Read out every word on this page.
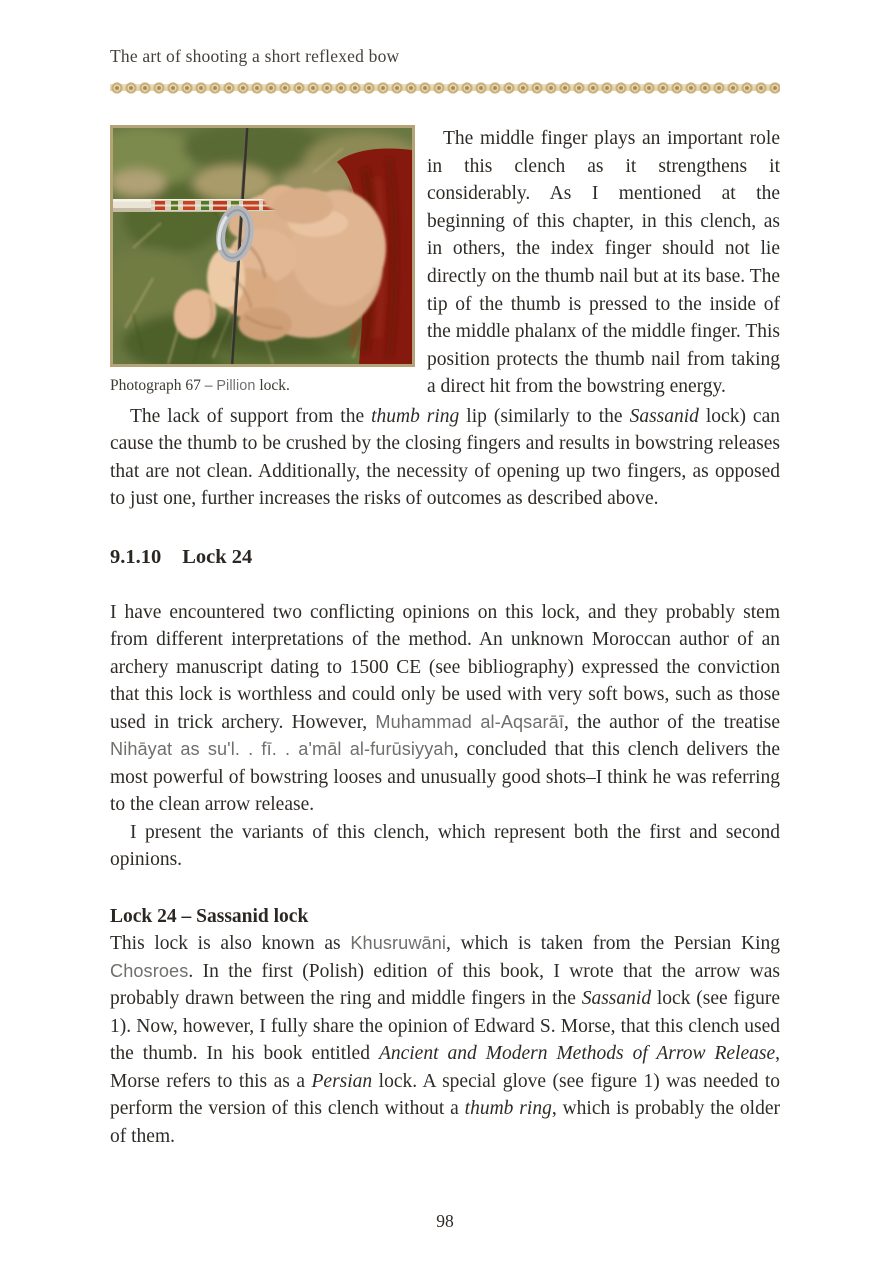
The art of shooting a short reflexed bow
Photograph 67 – Pillion lock.
The middle finger plays an important role in this clench as it strengthens it considerably. As I mentioned at the beginning of this chapter, in this clench, as in others, the index finger should not lie directly on the thumb nail but at its base. The tip of the thumb is pressed to the inside of the middle phalanx of the middle finger. This position protects the thumb nail from taking a direct hit from the bowstring energy.

The lack of support from the thumb ring lip (similarly to the Sassanid lock) can cause the thumb to be crushed by the closing fingers and results in bowstring releases that are not clean. Additionally, the necessity of opening up two fingers, as opposed to just one, further increases the risks of outcomes as described above.

9.1.10 Lock 24

I have encountered two conflicting opinions on this lock, and they probably stem from different interpretations of the method. An unknown Moroccan author of an archery manuscript dating to 1500 CE (see bibliography) expressed the conviction that this lock is worthless and could only be used with very soft bows, such as those used in trick archery. However, Muhammad al-Aqsarāī, the author of the treatise Nihāyat as su'l. . fī. . a'māl al-furūsiyyah, concluded that this clench delivers the most powerful of bowstring looses and unusually good shots–I think he was referring to the clean arrow release.

I present the variants of this clench, which represent both the first and second opinions.

Lock 24 – Sassanid lock

This lock is also known as Khusruwāni, which is taken from the Persian King Chosroes. In the first (Polish) edition of this book, I wrote that the arrow was probably drawn between the ring and middle fingers in the Sassanid lock (see figure 1). Now, however, I fully share the opinion of Edward S. Morse, that this clench used the thumb. In his book entitled Ancient and Modern Methods of Arrow Release, Morse refers to this as a Persian lock. A special glove (see figure 1) was needed to perform the version of this clench without a thumb ring, which is probably the older of them.

98
